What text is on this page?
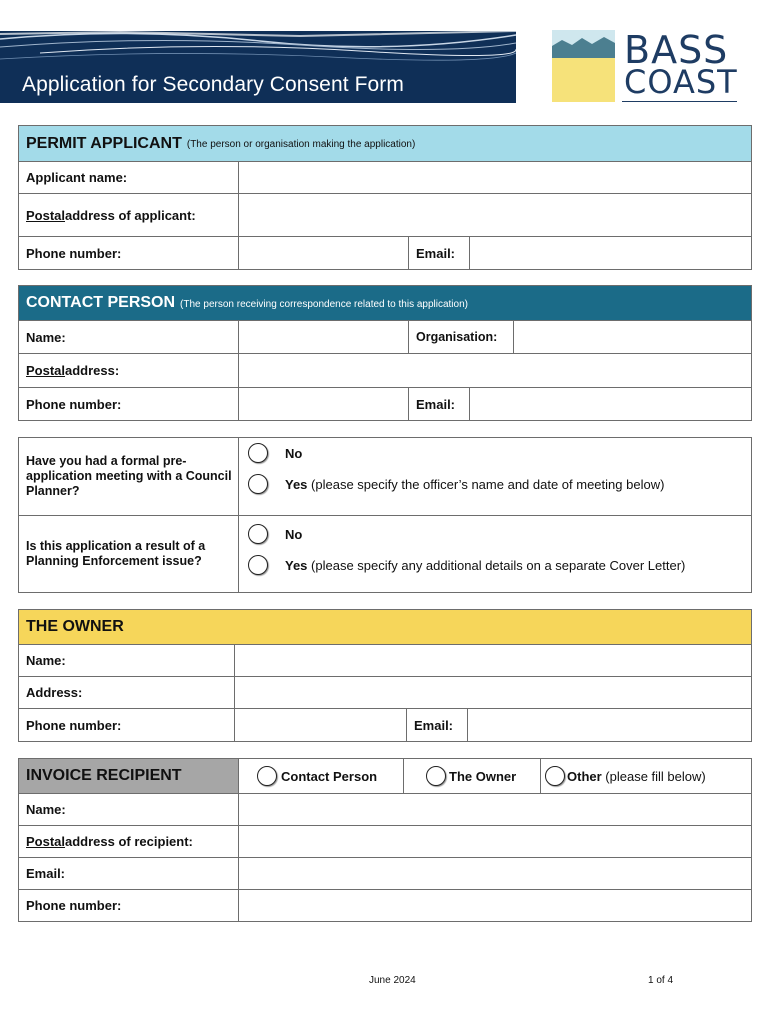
Application for Secondary Consent Form
BASS
COAST
PERMIT APPLICANT (The person or organisation making the application)
Applicant name:
Postal address of applicant:
Phone number:	Email:
CONTACT PERSON (The person receiving correspondence related to this application)
Name:	Organisation:
Postal address:
Phone number:	Email:
Have you had a formal pre-application meeting with a Council Planner?
No
Yes (please specify the officer’s name and date of meeting below)
Is this application a result of a Planning Enforcement issue?
No
Yes (please specify any additional details on a separate Cover Letter)
THE OWNER
Name:
Address:
Phone number:	Email:
INVOICE RECIPIENT	Contact Person	The Owner	Other (please fill below)
Name:
Postal address of recipient:
Email:
Phone number:
June 2024	1 of 4
